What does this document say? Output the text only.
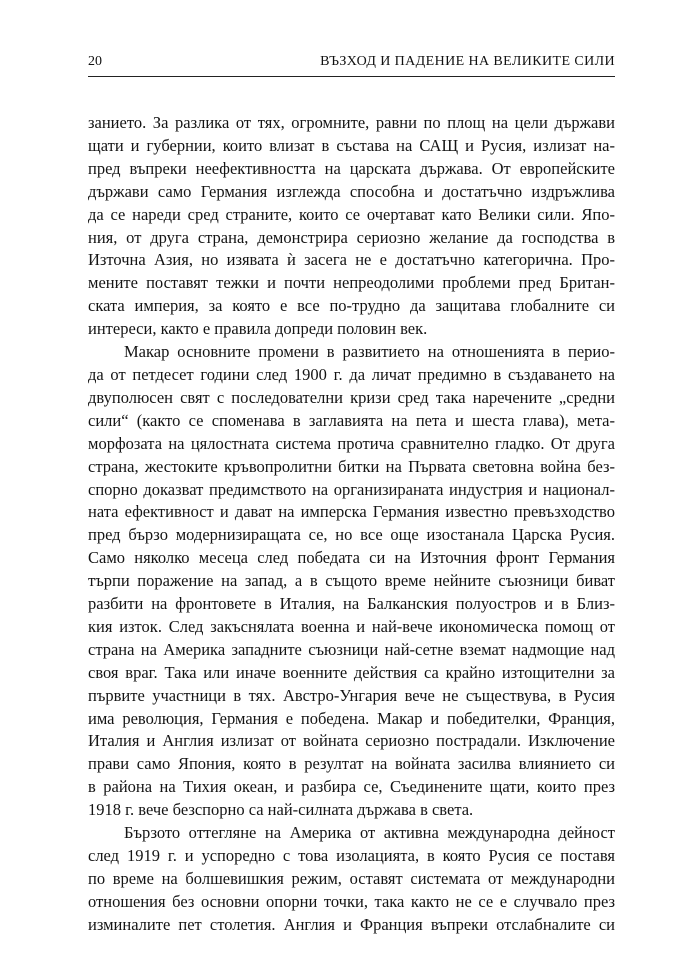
20	ВЪЗХОД И ПАДЕНИЕ НА ВЕЛИКИТЕ СИЛИ
занието. За разлика от тях, огромните, равни по площ на цели държави
щати и губернии, които влизат в състава на САЩ и Русия, излизат на-
пред въпреки неефективността на царската държава. От европейските
държави само Германия изглежда способна и достатъчно издръжлива
да се нареди сред страните, които се очертават като Велики сили. Япо-
ния, от друга страна, демонстрира сериозно желание да господства в
Източна Азия, но изявата ѝ засега не е достатъчно категорична. Про-
мените поставят тежки и почти непреодолими проблеми пред Британ-
ската империя, за която е все по-трудно да защитава глобалните си
интереси, както е правила допреди половин век.
Макар основните промени в развитието на отношенията в перио-
да от петдесет години след 1900 г. да личат предимно в създаването на
двуполюсен свят с последователни кризи сред така наречените „средни
сили“ (както се споменава в заглавията на пета и шеста глава), мета-
морфозата на цялостната система протича сравнително гладко. От друга
страна, жестоките кръвопролитни битки на Първата световна война без-
спорно доказват предимството на организираната индустрия и национал-
ната ефективност и дават на имперска Германия известно превъзходство
пред бързо модернизиращата се, но все още изостанала Царска Русия.
Само няколко месеца след победата си на Източния фронт Германия
търпи поражение на запад, а в същото време нейните съюзници биват
разбити на фронтовете в Италия, на Балканския полуостров и в Близ-
кия изток. След закъснялата военна и най-вече икономическа помощ от
страна на Америка западните съюзници най-сетне вземат надмощие над
своя враг. Така или иначе военните действия са крайно изтощителни за
първите участници в тях. Австро-Унгария вече не съществува, в Русия
има революция, Германия е победена. Макар и победителки, Франция,
Италия и Англия излизат от войната сериозно пострадали. Изключение
прави само Япония, която в резултат на войната засилва влиянието си
в района на Тихия океан, и разбира се, Съединените щати, които през
1918 г. вече безспорно са най-силната държава в света.
Бързото оттегляне на Америка от активна международна дейност
след 1919 г. и успоредно с това изолацията, в която Русия се поставя
по време на болшевишкия режим, оставят системата от международни
отношения без основни опорни точки, така както не се е случвало през
изминалите пет столетия. Англия и Франция въпреки отслабналите си
